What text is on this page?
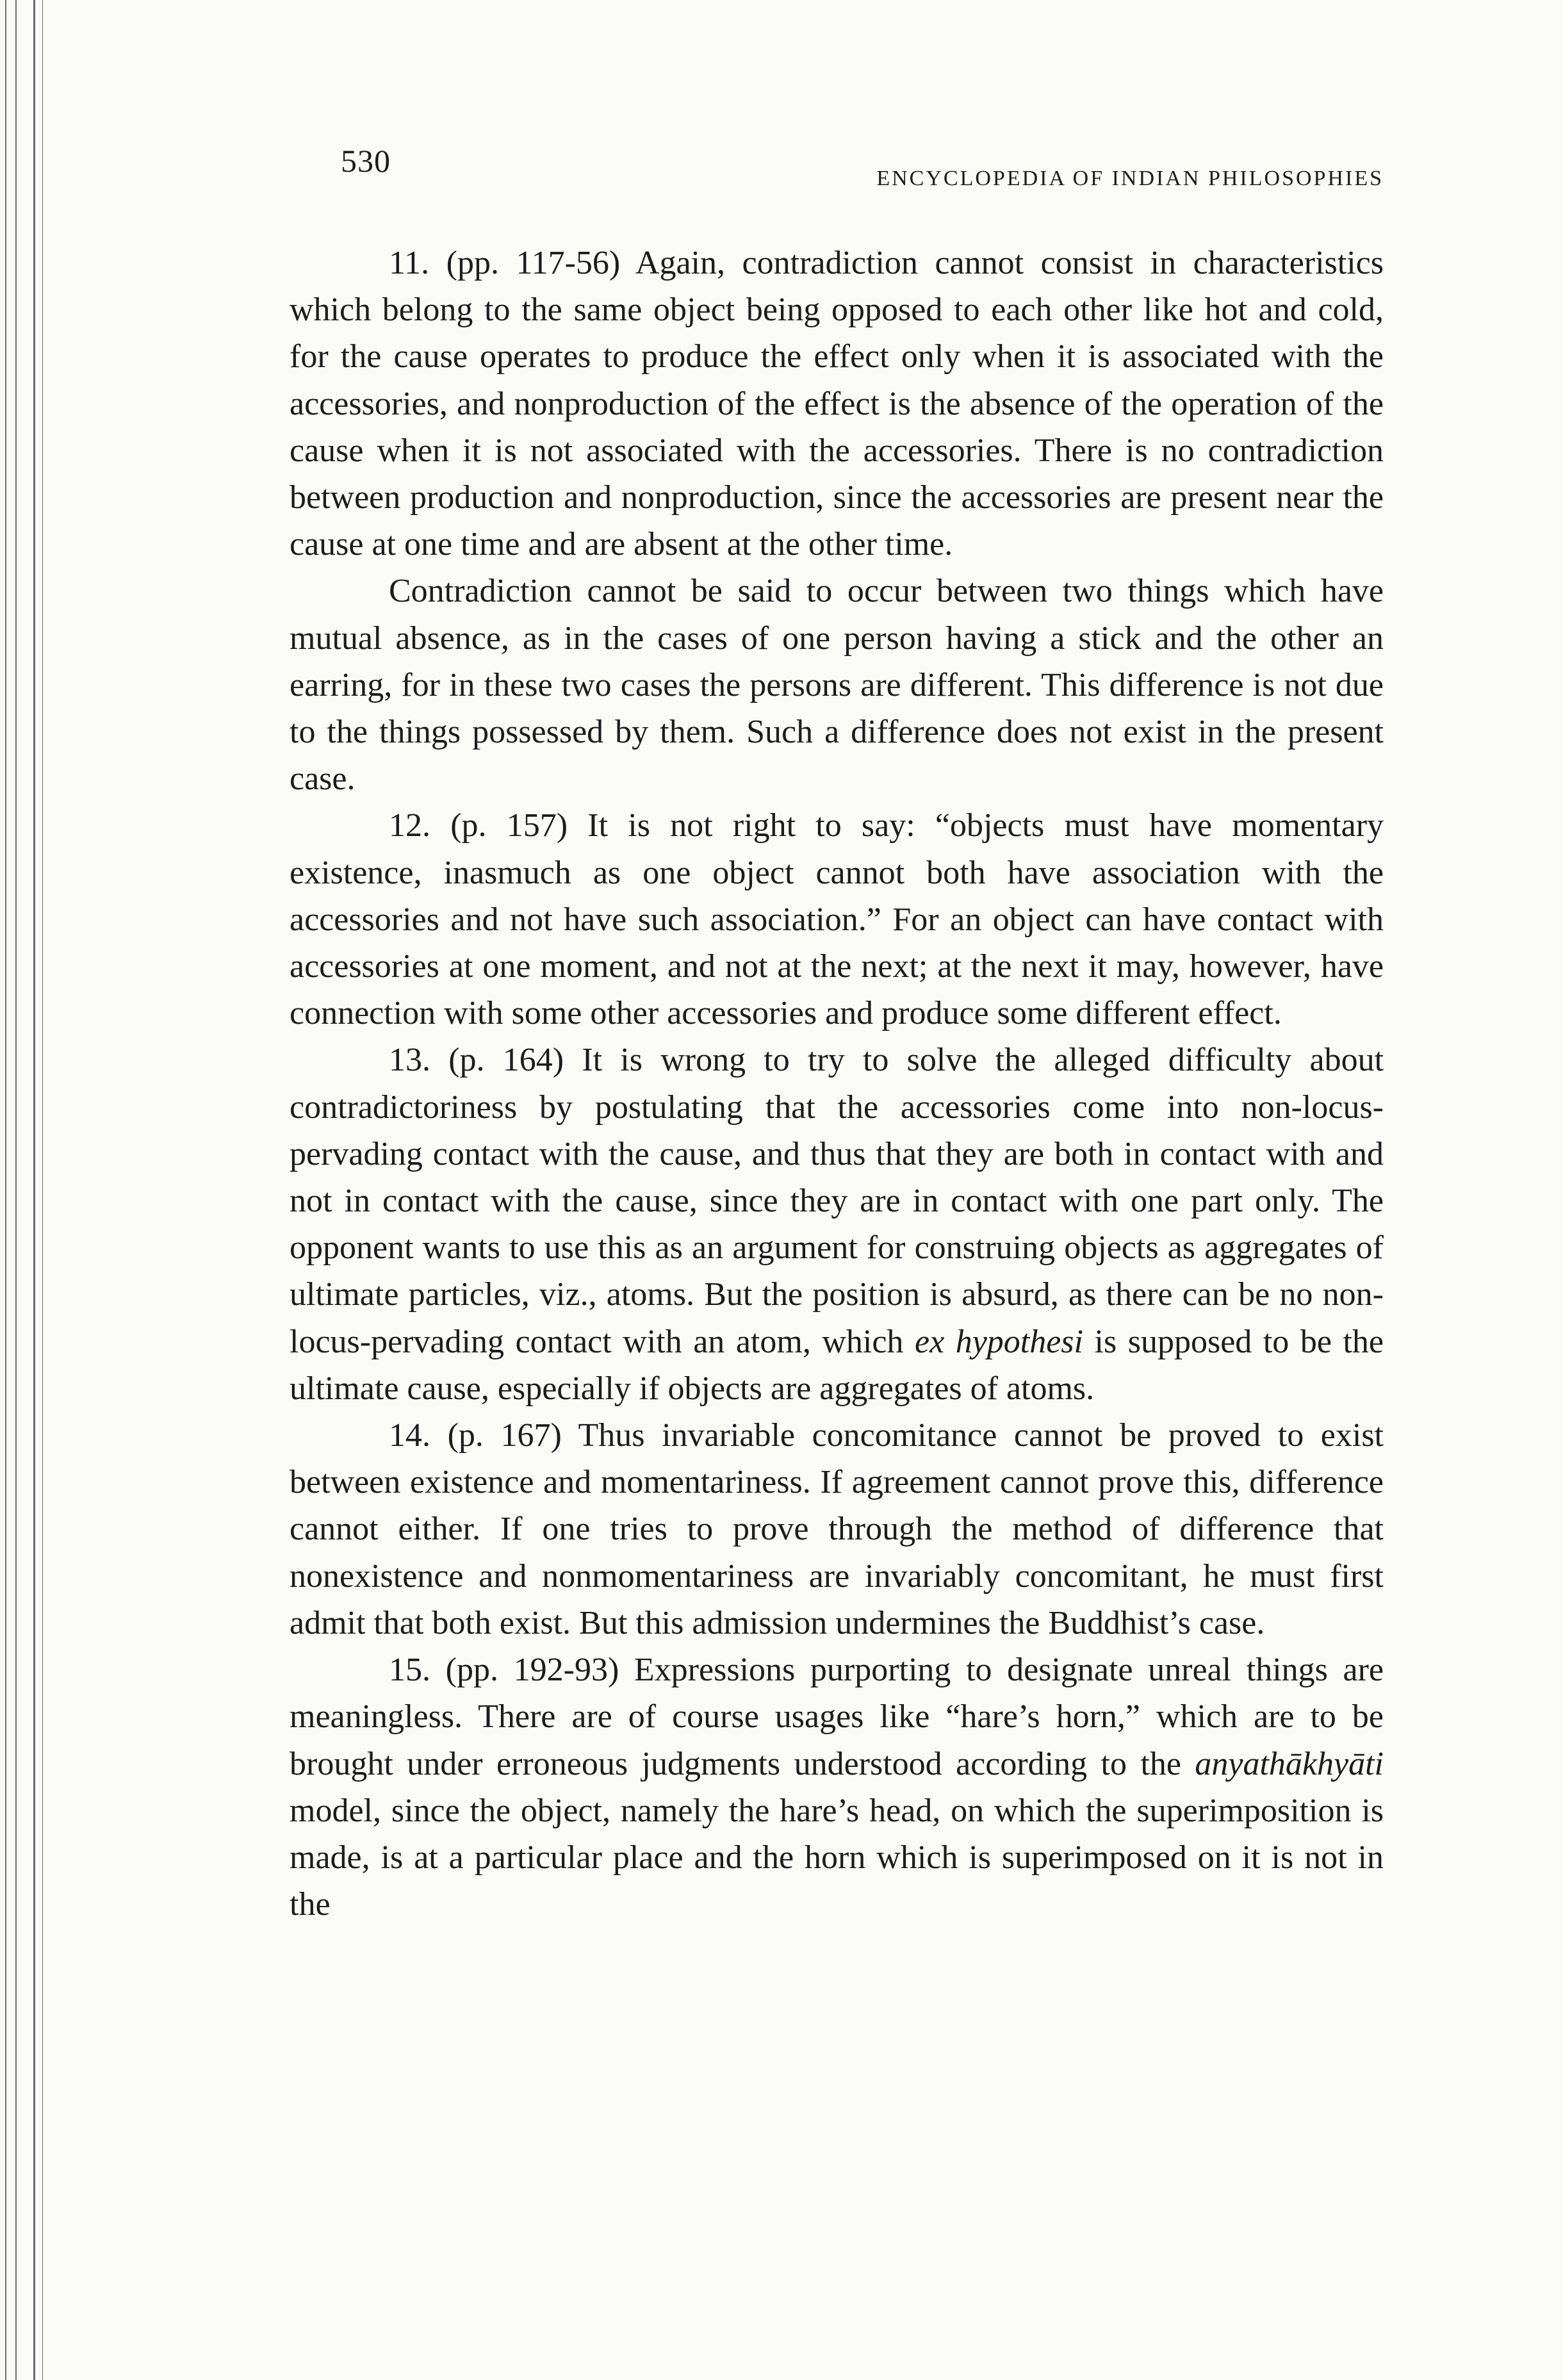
530	ENCYCLOPEDIA OF INDIAN PHILOSOPHIES

11. (pp. 117-56) Again, contradiction cannot consist in characteristics which belong to the same object being opposed to each other like hot and cold, for the cause operates to produce the effect only when it is associated with the accessories, and nonproduction of the effect is the absence of the operation of the cause when it is not associated with the accessories. There is no contradiction between production and nonproduction, since the accessories are present near the cause at one time and are absent at the other time.

Contradiction cannot be said to occur between two things which have mutual absence, as in the cases of one person having a stick and the other an earring, for in these two cases the persons are different. This difference is not due to the things possessed by them. Such a difference does not exist in the present case.

12. (p. 157) It is not right to say: “objects must have momentary existence, inasmuch as one object cannot both have association with the accessories and not have such association.” For an object can have contact with accessories at one moment, and not at the next; at the next it may, however, have connection with some other accessories and produce some different effect.

13. (p. 164) It is wrong to try to solve the alleged difficulty about contradictoriness by postulating that the accessories come into non-locus-pervading contact with the cause, and thus that they are both in contact with and not in contact with the cause, since they are in contact with one part only. The opponent wants to use this as an argument for construing objects as aggregates of ultimate particles, viz., atoms. But the position is absurd, as there can be no non-locus-pervading contact with an atom, which ex hypothesi is supposed to be the ultimate cause, especially if objects are aggregates of atoms.

14. (p. 167) Thus invariable concomitance cannot be proved to exist between existence and momentariness. If agreement cannot prove this, difference cannot either. If one tries to prove through the method of difference that nonexistence and nonmomentariness are invariably concomitant, he must first admit that both exist. But this admission undermines the Buddhist’s case.

15. (pp. 192-93) Expressions purporting to designate unreal things are meaningless. There are of course usages like “hare’s horn,” which are to be brought under erroneous judgments understood according to the anyathākhyāti model, since the object, namely the hare’s head, on which the superimposition is made, is at a particular place and the horn which is superimposed on it is not in the
